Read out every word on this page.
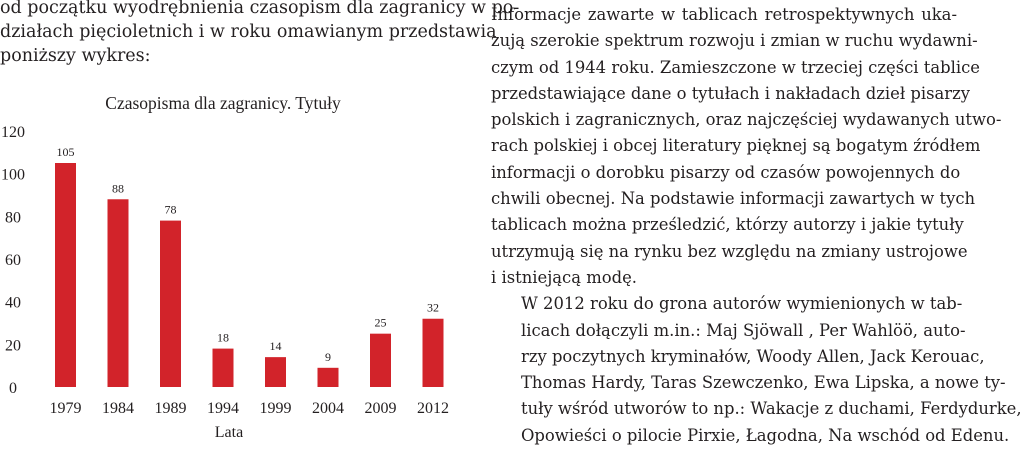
od początku wyodrębnienia czasopism dla zagranicy w po-
działach pięcioletnich i w roku omawianym przedstawia
poniższy wykres:
Czasopisma dla zagranicy. Tytuły
0
20
40
60
80
100
120
105
1979
88
1984
78
1989
18
1994
14
1999
9
2004
25
2009
32
2012
Lata

Informacje zawarte w tablicach retrospektywnych uka-
zują szerokie spektrum rozwoju i zmian w ruchu wydawni-
czym od 1944 roku. Zamieszczone w trzeciej części tablice
przedstawiające dane o tytułach i nakładach dzieł pisarzy
polskich i zagranicznych, oraz najczęściej wydawanych utwo-
rach polskiej i obcej literatury pięknej są bogatym źródłem
informacji o dorobku pisarzy od czasów powojennych do
chwili obecnej. Na podstawie informacji zawartych w tych
tablicach można prześledzić, którzy autorzy i jakie tytuły
utrzymują się na rynku bez względu na zmiany ustrojowe
i istniejącą modę.

W 2012 roku do grona autorów wymienionych w tab-
licach dołączyli m.in.: Maj Sjöwall , Per Wahlöö, auto-
rzy poczytnych kryminałów, Woody Allen, Jack Kerouac,
Thomas Hardy, Taras Szewczenko, Ewa Lipska, a nowe ty-
tuły wśród utworów to np.: Wakacje z duchami, Ferdydurke,
Opowieści o pilocie Pirxie, Łagodna, Na wschód od Edenu.
